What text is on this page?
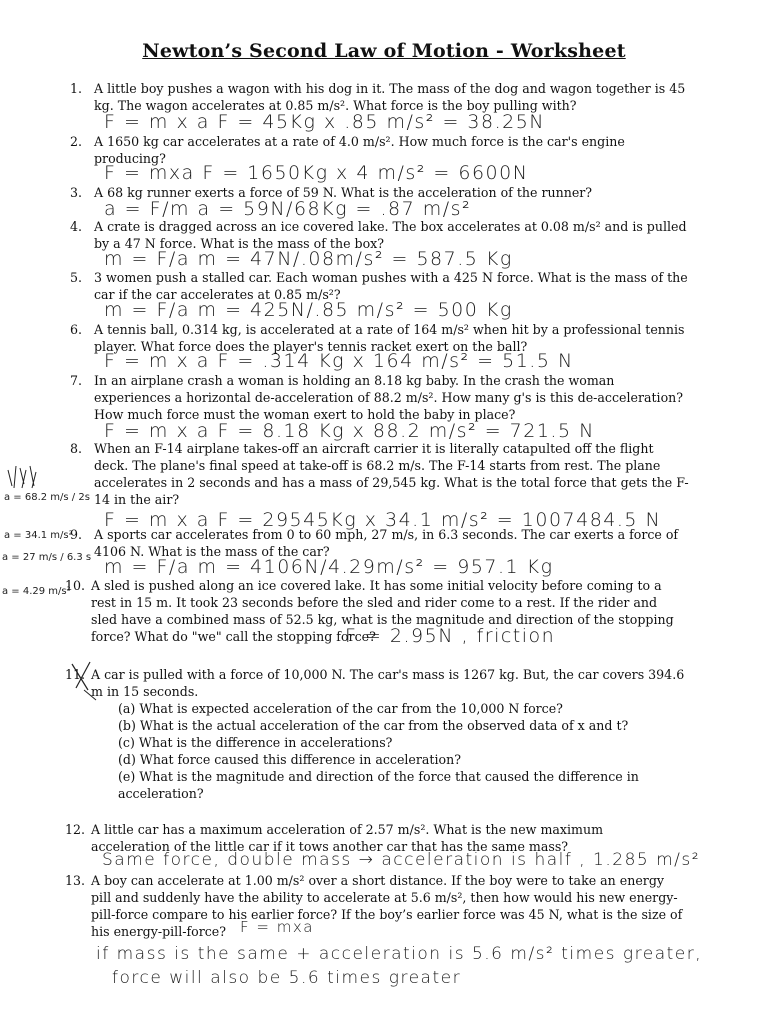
Newton’s Second Law of Motion - Worksheet
1. A little boy pushes a wagon with his dog in it. The mass of the dog and wagon together is 45 kg. The wagon accelerates at 0.85 m/s². What force is the boy pulling with?
F = m x a F = 45Kg x .85 m/s² = 38.25N
2. A 1650 kg car accelerates at a rate of 4.0 m/s². How much force is the car's engine producing?
F = mxa F = 1650Kg x 4 m/s² = 6600N
3. A 68 kg runner exerts a force of 59 N. What is the acceleration of the runner?
a = F/m a = 59N/68Kg = .87 m/s²
4. A crate is dragged across an ice covered lake. The box accelerates at 0.08 m/s² and is pulled by a 47 N force. What is the mass of the box?
m = F/a m = 47N/.08m/s² = 587.5 Kg
5. 3 women push a stalled car. Each woman pushes with a 425 N force. What is the mass of the car if the car accelerates at 0.85 m/s²?
m = F/a m = 425N/.85 m/s² = 500 Kg
6. A tennis ball, 0.314 kg, is accelerated at a rate of 164 m/s² when hit by a professional tennis player. What force does the player's tennis racket exert on the ball?
F = m x a F = .314 Kg x 164 m/s² = 51.5 N
7. In an airplane crash a woman is holding an 8.18 kg baby. In the crash the woman experiences a horizontal de-acceleration of 88.2 m/s². How many g's is this de-acceleration? How much force must the woman exert to hold the baby in place?
F = m x a F = 8.18 Kg x 88.2 m/s² = 721.5 N
8. When an F-14 airplane takes-off an aircraft carrier it is literally catapulted off the flight deck. The plane's final speed at take-off is 68.2 m/s. The F-14 starts from rest. The plane accelerates in 2 seconds and has a mass of 29,545 kg. What is the total force that gets the F-14 in the air?
F = m x a F = 29545Kg x 34.1 m/s² = 1007484.5 N
9. A sports car accelerates from 0 to 60 mph, 27 m/s, in 6.3 seconds. The car exerts a force of 4106 N. What is the mass of the car?
m = F/a m = 4106N/4.29m/s² = 957.1 Kg
10. A sled is pushed along an ice covered lake. It has some initial velocity before coming to a rest in 15 m. It took 23 seconds before the sled and rider come to a rest. If the rider and sled have a combined mass of 52.5 kg, what is the magnitude and direction of the stopping force? What do "we" call the stopping force?
F = 2.95N , friction
11. A car is pulled with a force of 10,000 N. The car's mass is 1267 kg. But, the car covers 394.6 m in 15 seconds.
(a) What is expected acceleration of the car from the 10,000 N force?
(b) What is the actual acceleration of the car from the observed data of x and t?
(c) What is the difference in accelerations?
(d) What force caused this difference in acceleration?
(e) What is the magnitude and direction of the force that caused the difference in acceleration?
12. A little car has a maximum acceleration of 2.57 m/s². What is the new maximum acceleration of the little car if it tows another car that has the same mass?
Same force, double mass → acceleration is half , 1.285 m/s²
13. A boy can accelerate at 1.00 m/s² over a short distance. If the boy were to take an energy pill and suddenly have the ability to accelerate at 5.6 m/s², then how would his new energy-pill-force compare to his earlier force? If the boy’s earlier force was 45 N, what is the size of his energy-pill-force? F = mxa
if mass is the same + acceleration is 5.6 m/s² times greater,
force will also be 5.6 times greater
a = 68.2 m/s / 2s
a = 34.1 m/s²
a = 27 m/s / 6.3 s
a = 4.29 m/s²
